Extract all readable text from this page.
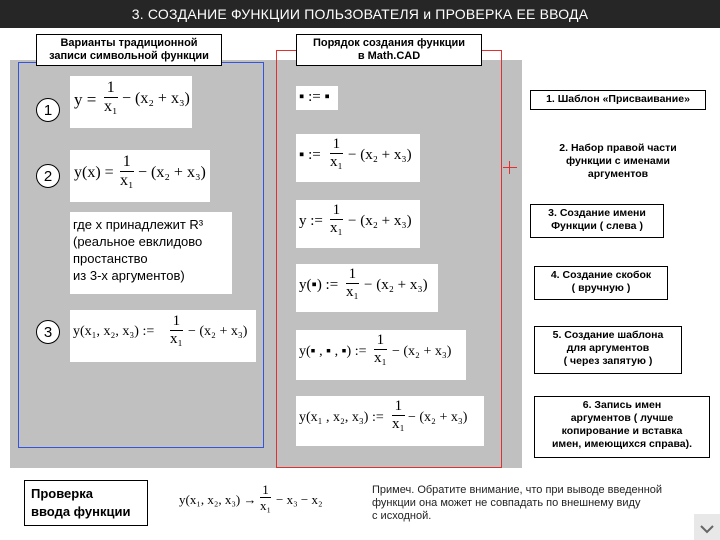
3. СОЗДАНИЕ ФУНКЦИИ ПОЛЬЗОВАТЕЛЯ и ПРОВЕРКА ЕЕ ВВОДА
Варианты традиционной
записи символьной функции
Порядок создания функции
в Math.CAD
1
2
3
y =
1
x₁ − (x₂ + x₃)
y(x) =
1
x₁ − (x₂ + x₃)
где х принадлежит R³
(реальное евклидово
простанство
из 3-х аргументов)
y(x₁, x₂, x₃) :=
1
x₁ − (x₂ + x₃)
▪ := ▪
▪ :=
1
x₁ − (x₂ + x₃)
y :=
1
x₁ − (x₂ + x₃)
y(▪) :=
1
x₁ − (x₂ + x₃)
y(▪ , ▪ , ▪) :=
1
x₁ − (x₂ + x₃)
y(x₁ , x₂, x₃) :=
1
x₁ − (x₂ + x₃)
1. Шаблон «Присваивание»
2. Набор правой части
функции с именами
аргументов
3. Создание имени
Функции ( слева )
4. Создание скобок
( вручную )
5. Создание шаблона
для аргументов
( через запятую )
6. Запись имен
аргументов ( лучше
копирование и вставка
имен, имеющихся справа).
Проверка
ввода функции
y(x₁, x₂, x₃) →
1
x₁ − x₃ − x₂
Примеч. Обратите внимание, что при выводе введенной
функции она может не совпадать по внешнему виду
с исходной.
